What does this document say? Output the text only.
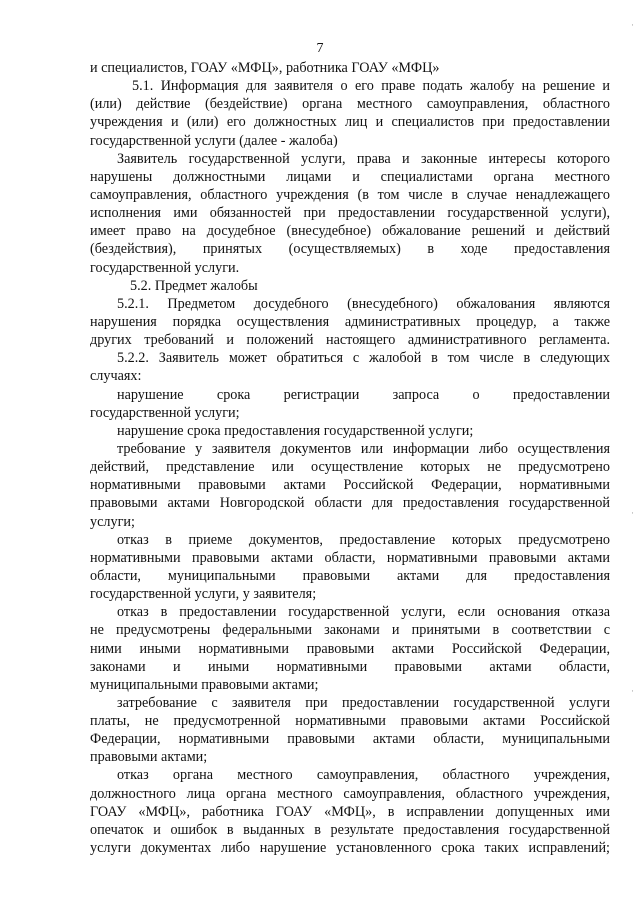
7
и специалистов, ГОАУ «МФЦ», работника ГОАУ «МФЦ»
5.1. Информация для заявителя о его праве подать жалобу на решение и
(или) действие (бездействие) органа местного самоуправления, областного
учреждения и (или) его должностных лиц и специалистов при предоставлении
государственной услуги (далее - жалоба)
Заявитель государственной услуги, права и законные интересы которого
нарушены должностными лицами и специалистами органа местного
самоуправления, областного учреждения (в том числе в случае ненадлежащего
исполнения ими обязанностей при предоставлении государственной услуги),
имеет право на досудебное (внесудебное) обжалование решений и действий
(бездействия), принятых (осуществляемых) в ходе предоставления
государственной услуги.
5.2. Предмет жалобы
5.2.1. Предметом досудебного (внесудебного) обжалования являются
нарушения порядка осуществления административных процедур, а также
других требований и положений настоящего административного регламента.
5.2.2. Заявитель может обратиться с жалобой в том числе в следующих
случаях:
нарушение срока регистрации запроса о предоставлении
государственной услуги;
нарушение срока предоставления государственной услуги;
требование у заявителя документов или информации либо осуществления
действий, представление или осуществление которых не предусмотрено
нормативными правовыми актами Российской Федерации, нормативными
правовыми актами Новгородской области для предоставления государственной
услуги;
отказ в приеме документов, предоставление которых предусмотрено
нормативными правовыми актами области, нормативными правовыми актами
области, муниципальными правовыми актами для предоставления
государственной услуги, у заявителя;
отказ в предоставлении государственной услуги, если основания отказа
не предусмотрены федеральными законами и принятыми в соответствии с
ними иными нормативными правовыми актами Российской Федерации,
законами и иными нормативными правовыми актами области,
муниципальными правовыми актами;
затребование с заявителя при предоставлении государственной услуги
платы, не предусмотренной нормативными правовыми актами Российской
Федерации, нормативными правовыми актами области, муниципальными
правовыми актами;
отказ органа местного самоуправления, областного учреждения,
должностного лица органа местного самоуправления, областного учреждения,
ГОАУ «МФЦ», работника ГОАУ «МФЦ», в исправлении допущенных ими
опечаток и ошибок в выданных в результате предоставления государственной
услуги документах либо нарушение установленного срока таких исправлений;
·
·
·
